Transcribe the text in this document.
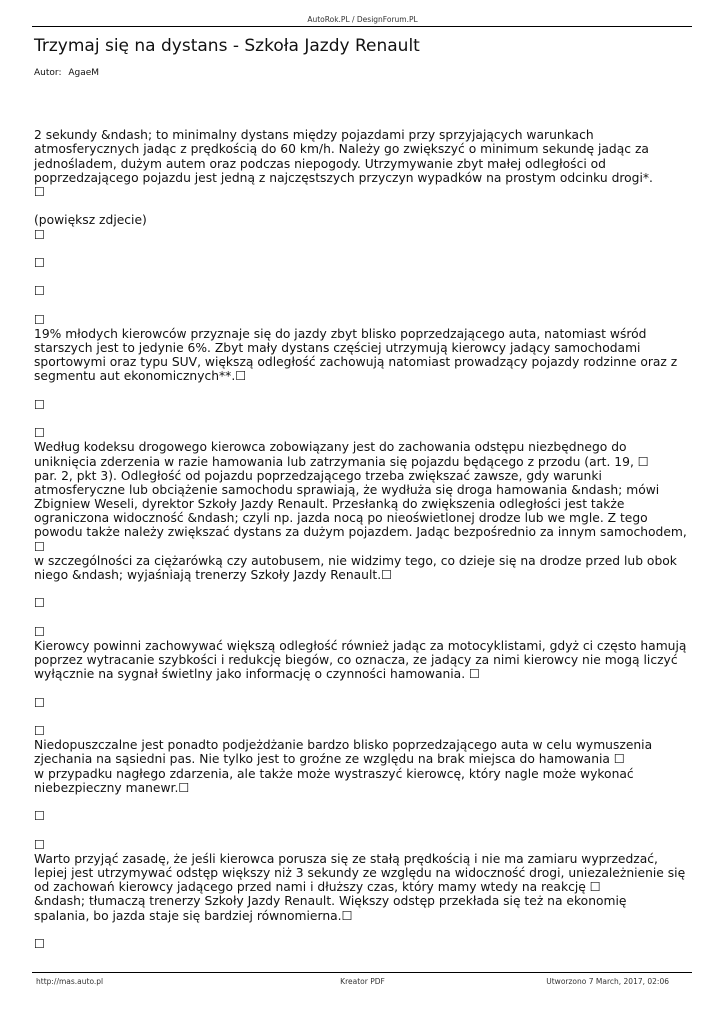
AutoRok.PL / DesignForum.PL
Trzymaj się na dystans - Szkoła Jazdy Renault
Autor: AgaeM
2 sekundy &ndash; to minimalny dystans między pojazdami przy sprzyjających warunkach
atmosferycznych jadąc z prędkością do 60 km/h. Należy go zwiększyć o minimum sekundę jadąc za
jednośladem, dużym autem oraz podczas niepogody. Utrzymywanie zbyt małej odległości od
poprzedzającego pojazdu jest jedną z najczęstszych przyczyn wypadków na prostym odcinku drogi*.
☐
(powiększ zdjecie)
☐
☐
☐
☐
19% młodych kierowców przyznaje się do jazdy zbyt blisko poprzedzającego auta, natomiast wśród
starszych jest to jedynie 6%. Zbyt mały dystans częściej utrzymują kierowcy jadący samochodami
sportowymi oraz typu SUV, większą odległość zachowują natomiast prowadzący pojazdy rodzinne oraz z
segmentu aut ekonomicznych**.☐
☐
☐
Według kodeksu drogowego kierowca zobowiązany jest do zachowania odstępu niezbędnego do
uniknięcia zderzenia w razie hamowania lub zatrzymania się pojazdu będącego z przodu (art. 19, ☐
par. 2, pkt 3). Odległość od pojazdu poprzedzającego trzeba zwiększać zawsze, gdy warunki
atmosferyczne lub obciążenie samochodu sprawiają, że wydłuża się droga hamowania &ndash; mówi
Zbigniew Weseli, dyrektor Szkoły Jazdy Renault. Przesłanką do zwiększenia odległości jest także
ograniczona widoczność &ndash; czyli np. jazda nocą po nieoświetlonej drodze lub we mgle. Z tego
powodu także należy zwiększać dystans za dużym pojazdem. Jadąc bezpośrednio za innym samochodem,
☐
w szczególności za ciężarówką czy autobusem, nie widzimy tego, co dzieje się na drodze przed lub obok
niego &ndash; wyjaśniają trenerzy Szkoły Jazdy Renault.☐
☐
☐
Kierowcy powinni zachowywać większą odległość również jadąc za motocyklistami, gdyż ci często hamują
poprzez wytracanie szybkości i redukcję biegów, co oznacza, ze jadący za nimi kierowcy nie mogą liczyć
wyłącznie na sygnał świetlny jako informację o czynności hamowania. ☐
☐
☐
Niedopuszczalne jest ponadto podjeżdżanie bardzo blisko poprzedzającego auta w celu wymuszenia
zjechania na sąsiedni pas. Nie tylko jest to groźne ze względu na brak miejsca do hamowania ☐
w przypadku nagłego zdarzenia, ale także może wystraszyć kierowcę, który nagle może wykonać
niebezpieczny manewr.☐
☐
☐
Warto przyjąć zasadę, że jeśli kierowca porusza się ze stałą prędkością i nie ma zamiaru wyprzedzać,
lepiej jest utrzymywać odstęp większy niż 3 sekundy ze względu na widoczność drogi, uniezależnienie się
od zachowań kierowcy jadącego przed nami i dłuższy czas, który mamy wtedy na reakcję ☐
&ndash; tłumaczą trenerzy Szkoły Jazdy Renault. Większy odstęp przekłada się też na ekonomię
spalania, bo jazda staje się bardziej równomierna.☐
☐
http://mas.auto.pl	Kreator PDF	Utworzono 7 March, 2017, 02:06
